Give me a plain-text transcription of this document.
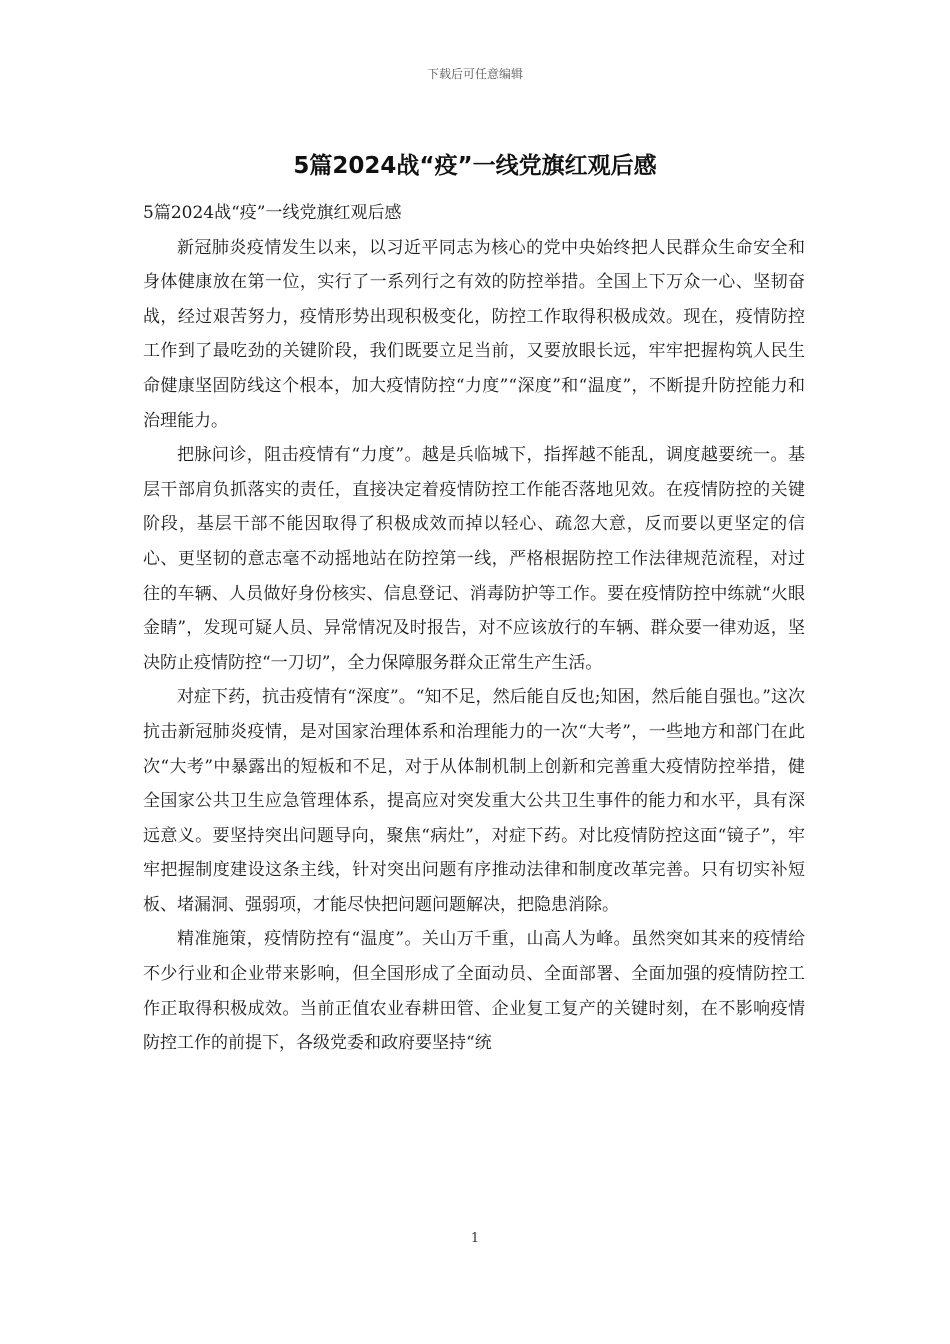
下载后可任意编辑
5篇2024战“疫”一线党旗红观后感

5篇2024战“疫”一线党旗红观后感

新冠肺炎疫情发生以来，以习近平同志为核心的党中央始终把人民群众生命安全和身体健康放在第一位，实行了一系列行之有效的防控举措。全国上下万众一心、坚韧奋战，经过艰苦努力，疫情形势出现积极变化，防控工作取得积极成效。现在，疫情防控工作到了最吃劲的关键阶段，我们既要立足当前，又要放眼长远，牢牢把握构筑人民生命健康坚固防线这个根本，加大疫情防控“力度”“深度”和“温度”，不断提升防控能力和治理能力。

把脉问诊，阻击疫情有“力度”。越是兵临城下，指挥越不能乱，调度越要统一。基层干部肩负抓落实的责任，直接决定着疫情防控工作能否落地见效。在疫情防控的关键阶段，基层干部不能因取得了积极成效而掉以轻心、疏忽大意，反而要以更坚定的信心、更坚韧的意志毫不动摇地站在防控第一线，严格根据防控工作法律规范流程，对过往的车辆、人员做好身份核实、信息登记、消毒防护等工作。要在疫情防控中练就“火眼金睛”，发现可疑人员、异常情况及时报告，对不应该放行的车辆、群众要一律劝返，坚决防止疫情防控“一刀切”，全力保障服务群众正常生产生活。

对症下药，抗击疫情有“深度”。“知不足，然后能自反也;知困，然后能自强也。”这次抗击新冠肺炎疫情，是对国家治理体系和治理能力的一次“大考”，一些地方和部门在此次“大考”中暴露出的短板和不足，对于从体制机制上创新和完善重大疫情防控举措，健全国家公共卫生应急管理体系，提高应对突发重大公共卫生事件的能力和水平，具有深远意义。要坚持突出问题导向，聚焦“病灶”，对症下药。对比疫情防控这面“镜子”，牢牢把握制度建设这条主线，针对突出问题有序推动法律和制度改革完善。只有切实补短板、堵漏洞、强弱项，才能尽快把问题问题解决，把隐患消除。

精准施策，疫情防控有“温度”。关山万千重，山高人为峰。虽然突如其来的疫情给不少行业和企业带来影响，但全国形成了全面动员、全面部署、全面加强的疫情防控工作正取得积极成效。当前正值农业春耕田管、企业复工复产的关键时刻，在不影响疫情防控工作的前提下，各级党委和政府要坚持“统

1
